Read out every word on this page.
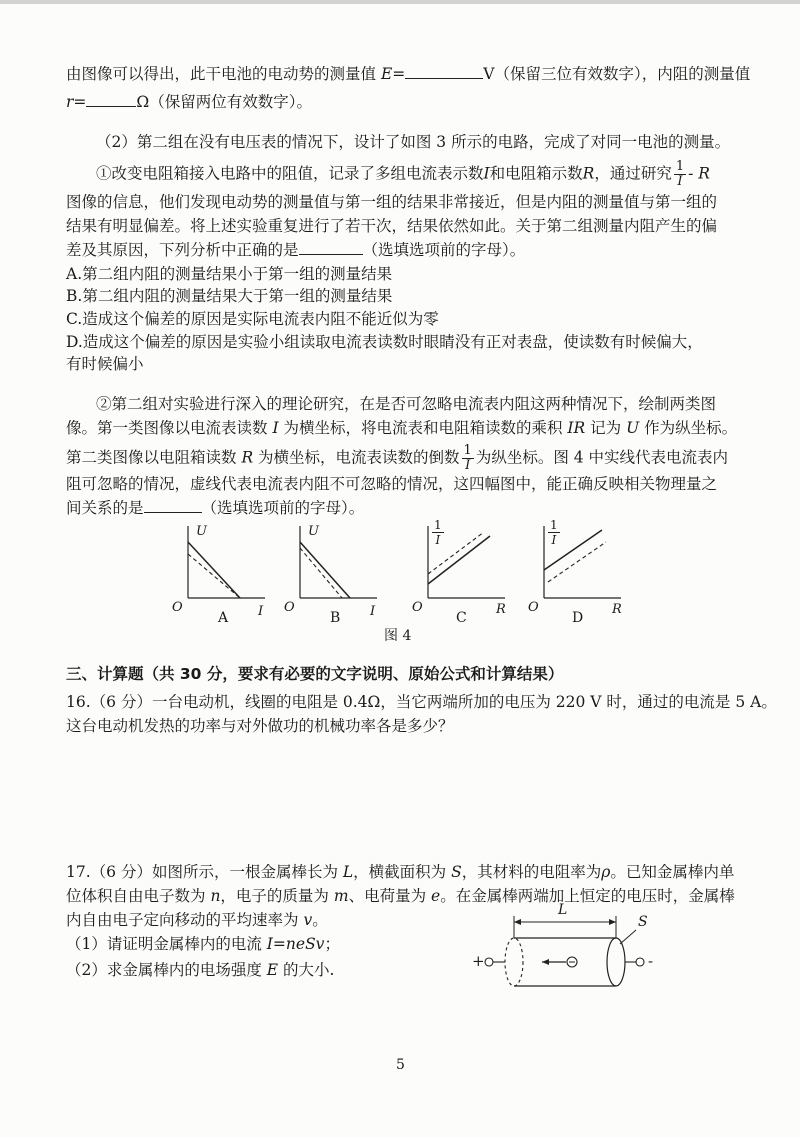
由图像可以得出，此干电池的电动势的测量值 E=	V（保留三位有效数字），内阻的测量值
r=	Ω（保留两位有效数字）。
（2）第二组在没有电压表的情况下，设计了如图 3 所示的电路，完成了对同一电池的测量。
①改变电阻箱接入电路中的阻值，记录了多组电流表示数I和电阻箱示数R，通过研究 $\frac{1}{I}$ - R
图像的信息，他们发现电动势的测量值与第一组的结果非常接近，但是内阻的测量值与第一组的
结果有明显偏差。将上述实验重复进行了若干次，结果依然如此。关于第二组测量内阻产生的偏
差及其原因，下列分析中正确的是	（选填选项前的字母）。
A.第二组内阻的测量结果小于第一组的测量结果
B.第二组内阻的测量结果大于第一组的测量结果
C.造成这个偏差的原因是实际电流表内阻不能近似为零
D.造成这个偏差的原因是实验小组读取电流表读数时眼睛没有正对表盘，使读数有时候偏大，
有时候偏小
②第二组对实验进行深入的理论研究，在是否可忽略电流表内阻这两种情况下，绘制两类图
像。第一类图像以电流表读数 I 为横坐标，将电流表和电阻箱读数的乘积 IR 记为 U 作为纵坐标。
第二类图像以电阻箱读数 R 为横坐标，电流表读数的倒数 $\frac{1}{I}$ 为纵坐标。图 4 中实线代表电流表内
阻可忽略的情况，虚线代表电流表内阻不可忽略的情况，这四幅图中，能正确反映相关物理量之
间关系的是	（选填选项前的字母）。
U
O	I
A
U
O	I
B
$\frac{1}{I}$
O	R
C
$\frac{1}{I}$
O	R
D
图 4
三、计算题（共 30 分，要求有必要的文字说明、原始公式和计算结果）
16.（6 分）一台电动机，线圈的电阻是 0.4Ω，当它两端所加的电压为 220 V 时，通过的电流是 5 A。
这台电动机发热的功率与对外做功的机械功率各是多少？
17.（6 分）如图所示，一根金属棒长为 L，横截面积为 S，其材料的电阻率为ρ。已知金属棒内单
位体积自由电子数为 n，电子的质量为 m、电荷量为 e。在金属棒两端加上恒定的电压时，金属棒
内自由电子定向移动的平均速率为 v。
（1）请证明金属棒内的电流 I=neSv；
（2）求金属棒内的电场强度 E 的大小.
L
S
+	-
5
